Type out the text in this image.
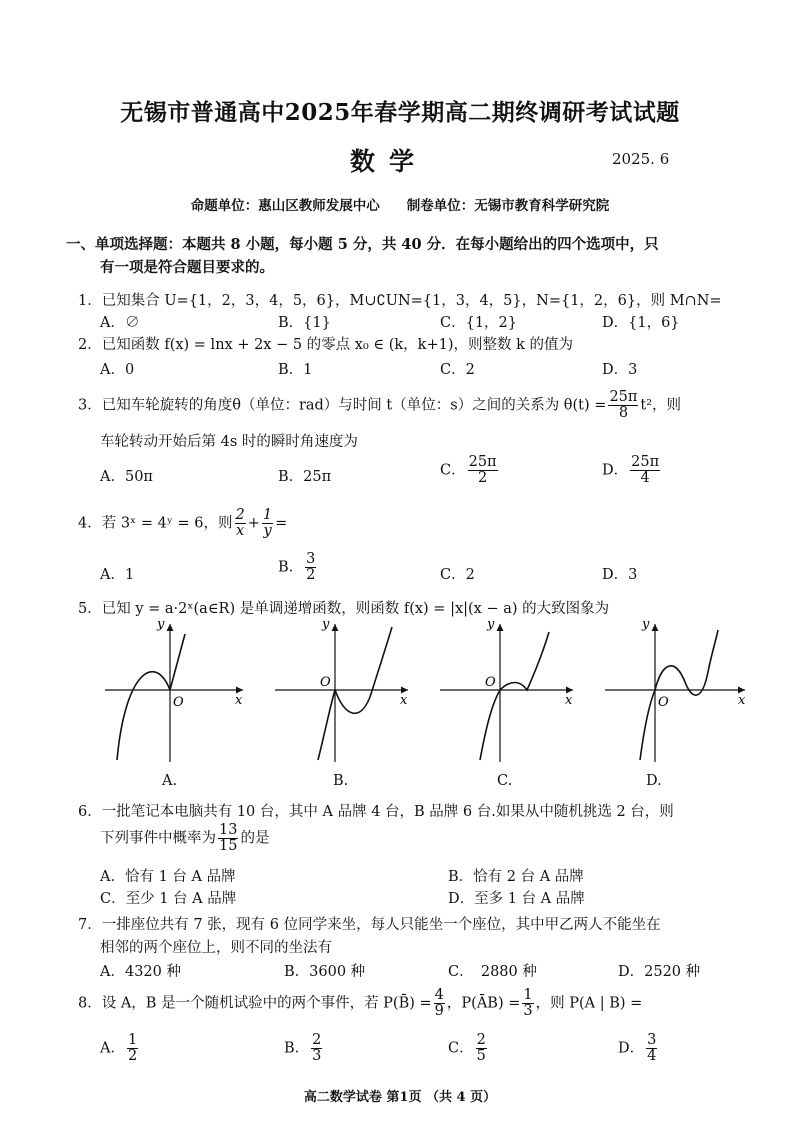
无锡市普通高中2025年春学期高二期终调研考试试题
数学	2025. 6
命题单位：惠山区教师发展中心　　制卷单位：无锡市教育科学研究院
一、单项选择题：本题共 8 小题，每小题 5 分，共 40 分．在每小题给出的四个选项中，只
有一项是符合题目要求的。
1．已知集合 U={1，2，3，4，5，6}，M∪∁UN={1，3，4，5}，N={1，2，6}，则 M∩N=
A．∅	B．{1}	C．{1，2}	D．{1，6}
2．已知函数 f(x) = lnx + 2x − 5 的零点 x₀ ∈ (k，k+1)，则整数 k 的值为
A．0	B．1	C．2	D．3
3．已知车轮旋转的角度θ（单位：rad）与时间 t（单位：s）之间的关系为 $\theta(t) = \frac{25\pi}{8} t^2$，则
车轮转动开始后第 4s 时的瞬时角速度为
A．50π	B．25π	C． $\frac{25\pi}{2}$	D． $\frac{25\pi}{4}$
4．若 3ˣ = 4ʸ = 6，则 $\frac{2}{x} + \frac{1}{y}$ =
A．1	B． $\frac{3}{2}$	C．2	D．3
5．已知 y = a·2ˣ(a∈R) 是单调递增函数，则函数 f(x) = |x|(x − a) 的大致图象为
y
x
O
y
x
O
y
x
O
y
x
O
A.	B.	C.	D.
6．一批笔记本电脑共有 10 台，其中 A 品牌 4 台，B 品牌 6 台.如果从中随机挑选 2 台，则
下列事件中概率为 $\frac{13}{15}$ 的是
A．恰有 1 台 A 品牌	B．恰有 2 台 A 品牌
C．至少 1 台 A 品牌	D．至多 1 台 A 品牌
7．一排座位共有 7 张，现有 6 位同学来坐，每人只能坐一个座位，其中甲乙两人不能坐在
相邻的两个座位上，则不同的坐法有
A．4320 种	B．3600 种	C．　2880 种	D．2520 种
8．设 A，B 是一个随机试验中的两个事件，若 P(B̄) = $\frac{4}{9}$ ，P(ĀB) = $\frac{1}{3}$ ，则 P(A | B) =
A． $\frac{1}{2}$	B． $\frac{2}{3}$	C． $\frac{2}{5}$	D． $\frac{3}{4}$
高二数学试卷 第1页 （共 4 页）
